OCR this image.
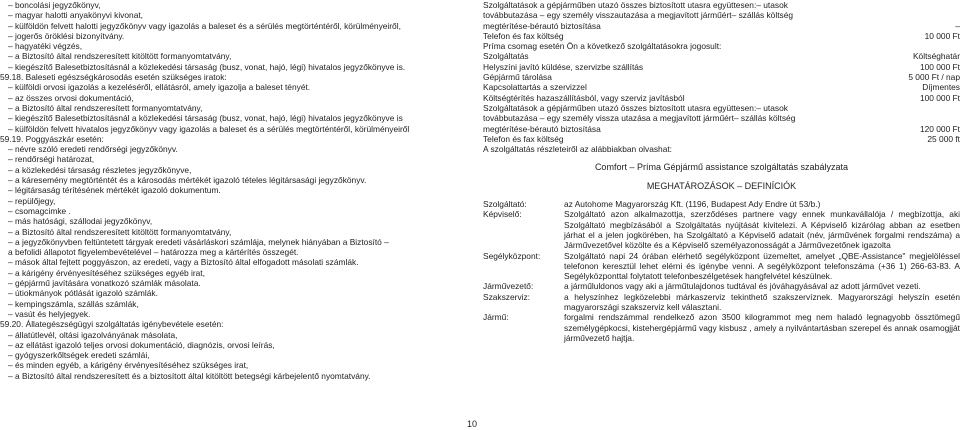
– boncolási jegyzőkönyv,
– magyar halotti anyakönyvi kivonat,
– külföldön felvett halotti jegyzőkönyv vagy igazolás a baleset és a sérülés megtörténtéről, körülményeiről,
– jogerős öröklési bizonyítvány.
– hagyatéki végzés,
– a Biztosító által rendszeresített kitöltött formanyomtatvány,
– kiegészítő Balesetbiztosításnál a közlekedési társaság (busz, vonat, hajó, légi) hivatalos jegyzőkönyve is.
59.18. Baleseti egészségkárosodás esetén szükséges iratok:
– külföldi orvosi igazolás a kezeléséről, ellátásról, amely igazolja a baleset tényét.
– az összes orvosi dokumentáció,
– a Biztosító által rendszeresített formanyomtatvány,
– kiegészítő Balesetbiztosításnál a közlekedési társaság (busz, vonat, hajó, légi) hivatalos jegyzőkönyve is
– külföldön felvett hivatalos jegyzőkönyv vagy igazolás a baleset és a sérülés megtörténtéről, körülményeiről
59.19. Poggyászkár esetén:
– névre szóló eredeti rendőrségi jegyzőkönyv.
– rendőrségi határozat,
– a közlekedési társaság részletes jegyzőkönyve,
– a káresemény megtörténtét és a károsodás mértékét igazoló tételes légitársasági jegyzőkönyv.
– légitársaság térítésének mértékét igazoló dokumentum.
– repülőjegy,
– csomagcimke .
– más hatósági, szállodai jegyzőkönyv,
– a Biztosító által rendszeresített kitöltött formanyomtatvány,
– a jegyzőkönyvben feltüntetett tárgyak eredeti vásárláskori számlája, melynek hiányában a Biztosító –
a befolidi állapotot figyelembevételével – határozza meg a kártérítés összegét.
– mások által fejtett poggyászon, az eredeti, vagy a Biztosító által elfogadott másolati számlák.
– a kárigény érvényesítéséhez szükséges egyéb irat,
– gépjármű javítására vonatkozó számlák másolata.
– útiokmányok pótlását igazoló számlák.
– kempingszámla, szállás számlák,
– vasút és helyjegyek.
59.20. Állategészségügyi szolgáltatás igénybevétele esetén:
– állatútlevél, oltási igazolványának másolata,
– az ellátást igazoló teljes orvosi dokumentáció, diagnózis, orvosi leírás,
– gyógyszerkőltségek eredeti számlái,
– és minden egyéb, a kárigény érvényesítéséhez szükséges irat,
– a Biztosító által rendszeresített és a biztosított által kitöltött betegségi kárbejelentő nyomtatvány.
10
Szolgáltatások a gépjárműben utazó összes biztosított utasra együttesen:– utasok
továbbutazása – egy személy visszautazása a megjavított járműért– szállás költség
megtérítése-bérautó biztosítása	–
Telefon és fax költség	10 000 Ft
Príma csomag esetén Ön a következő szolgáltatásokra jogosult:
Szolgáltatás	Költséghatár
Helyszíni javító küldése, szervizbe szállítás	100 000 Ft
Gépjármű tárolása	5 000 Ft / nap
Kapcsolattartás a szervizzel	Díjmentes
Költségtérítés hazaszállításból, vagy szerviz javításból	100 000 Ft
Szolgáltatások a gépjárműben utazó összes biztosított utasra együttesen:– utasok
továbbutazása – egy személy vissza utazása a megjavított járműért– szállás költség
megtérítése-bérautó biztosítása	120 000 Ft
Telefon és fax költség	25 000 ft
A szolgáltatás részleteiről az alábbiakban olvashat:
Comfort – Príma Gépjármű assistance szolgáltatás szabályzata
MEGHATÁROZÁSOK – DEFINÍCIÓK
Szolgáltató:	az Autohome Magyarország Kft. (1196, Budapest Ady Endre út 53/b.)
Képviselő:	Szolgáltató azon alkalmazottja, szerződéses partnere vagy ennek munkavállalója / megbízottja, aki Szolgáltató megbízásából a Szolgáltatás nyújtását kivitelezi. A Képviselő kizárólag abban az esetben járhat el a jelen jogkörében, ha Szolgáltató a Képviselő adatait (név, járművének forgalmi rendszáma) a Járművezetővel közölte és a Képviselő személyazonosságát a Járművezetőnek igazolta
Segélyközpont:	Szolgáltató napi 24 órában elérhető segélyközpont üzemeltet, amelyet „QBE-Assistance" megjelöléssel telefonon keresztül lehet elérni és igénybe venni. A segélyközpont telefonszáma (+36 1) 266-63-83. A Segélyközponttal folytatott telefonbeszélgetések hangfelvétel készülnek.
Járművezető:	a járműluldonos vagy aki a járműtulajdonos tudtával és jóváhagyásával az adott járművet vezeti.
Szakszerviz:	a helyszínhez legközelebbi márkaszerviz tekinthető szakszervíznek. Magyarországi helyszín esetén magyarországi szakszerviz kell választani.
Jármű:	forgalmi rendszámmal rendelkező azon 3500 kilogrammot meg nem haladó legnagyobb össztömegű személygépkocsi, kistehergépjármű vagy kisbusz , amely a nyilvántartásban szerepel és annak osamogjját járművezető hajtja.
